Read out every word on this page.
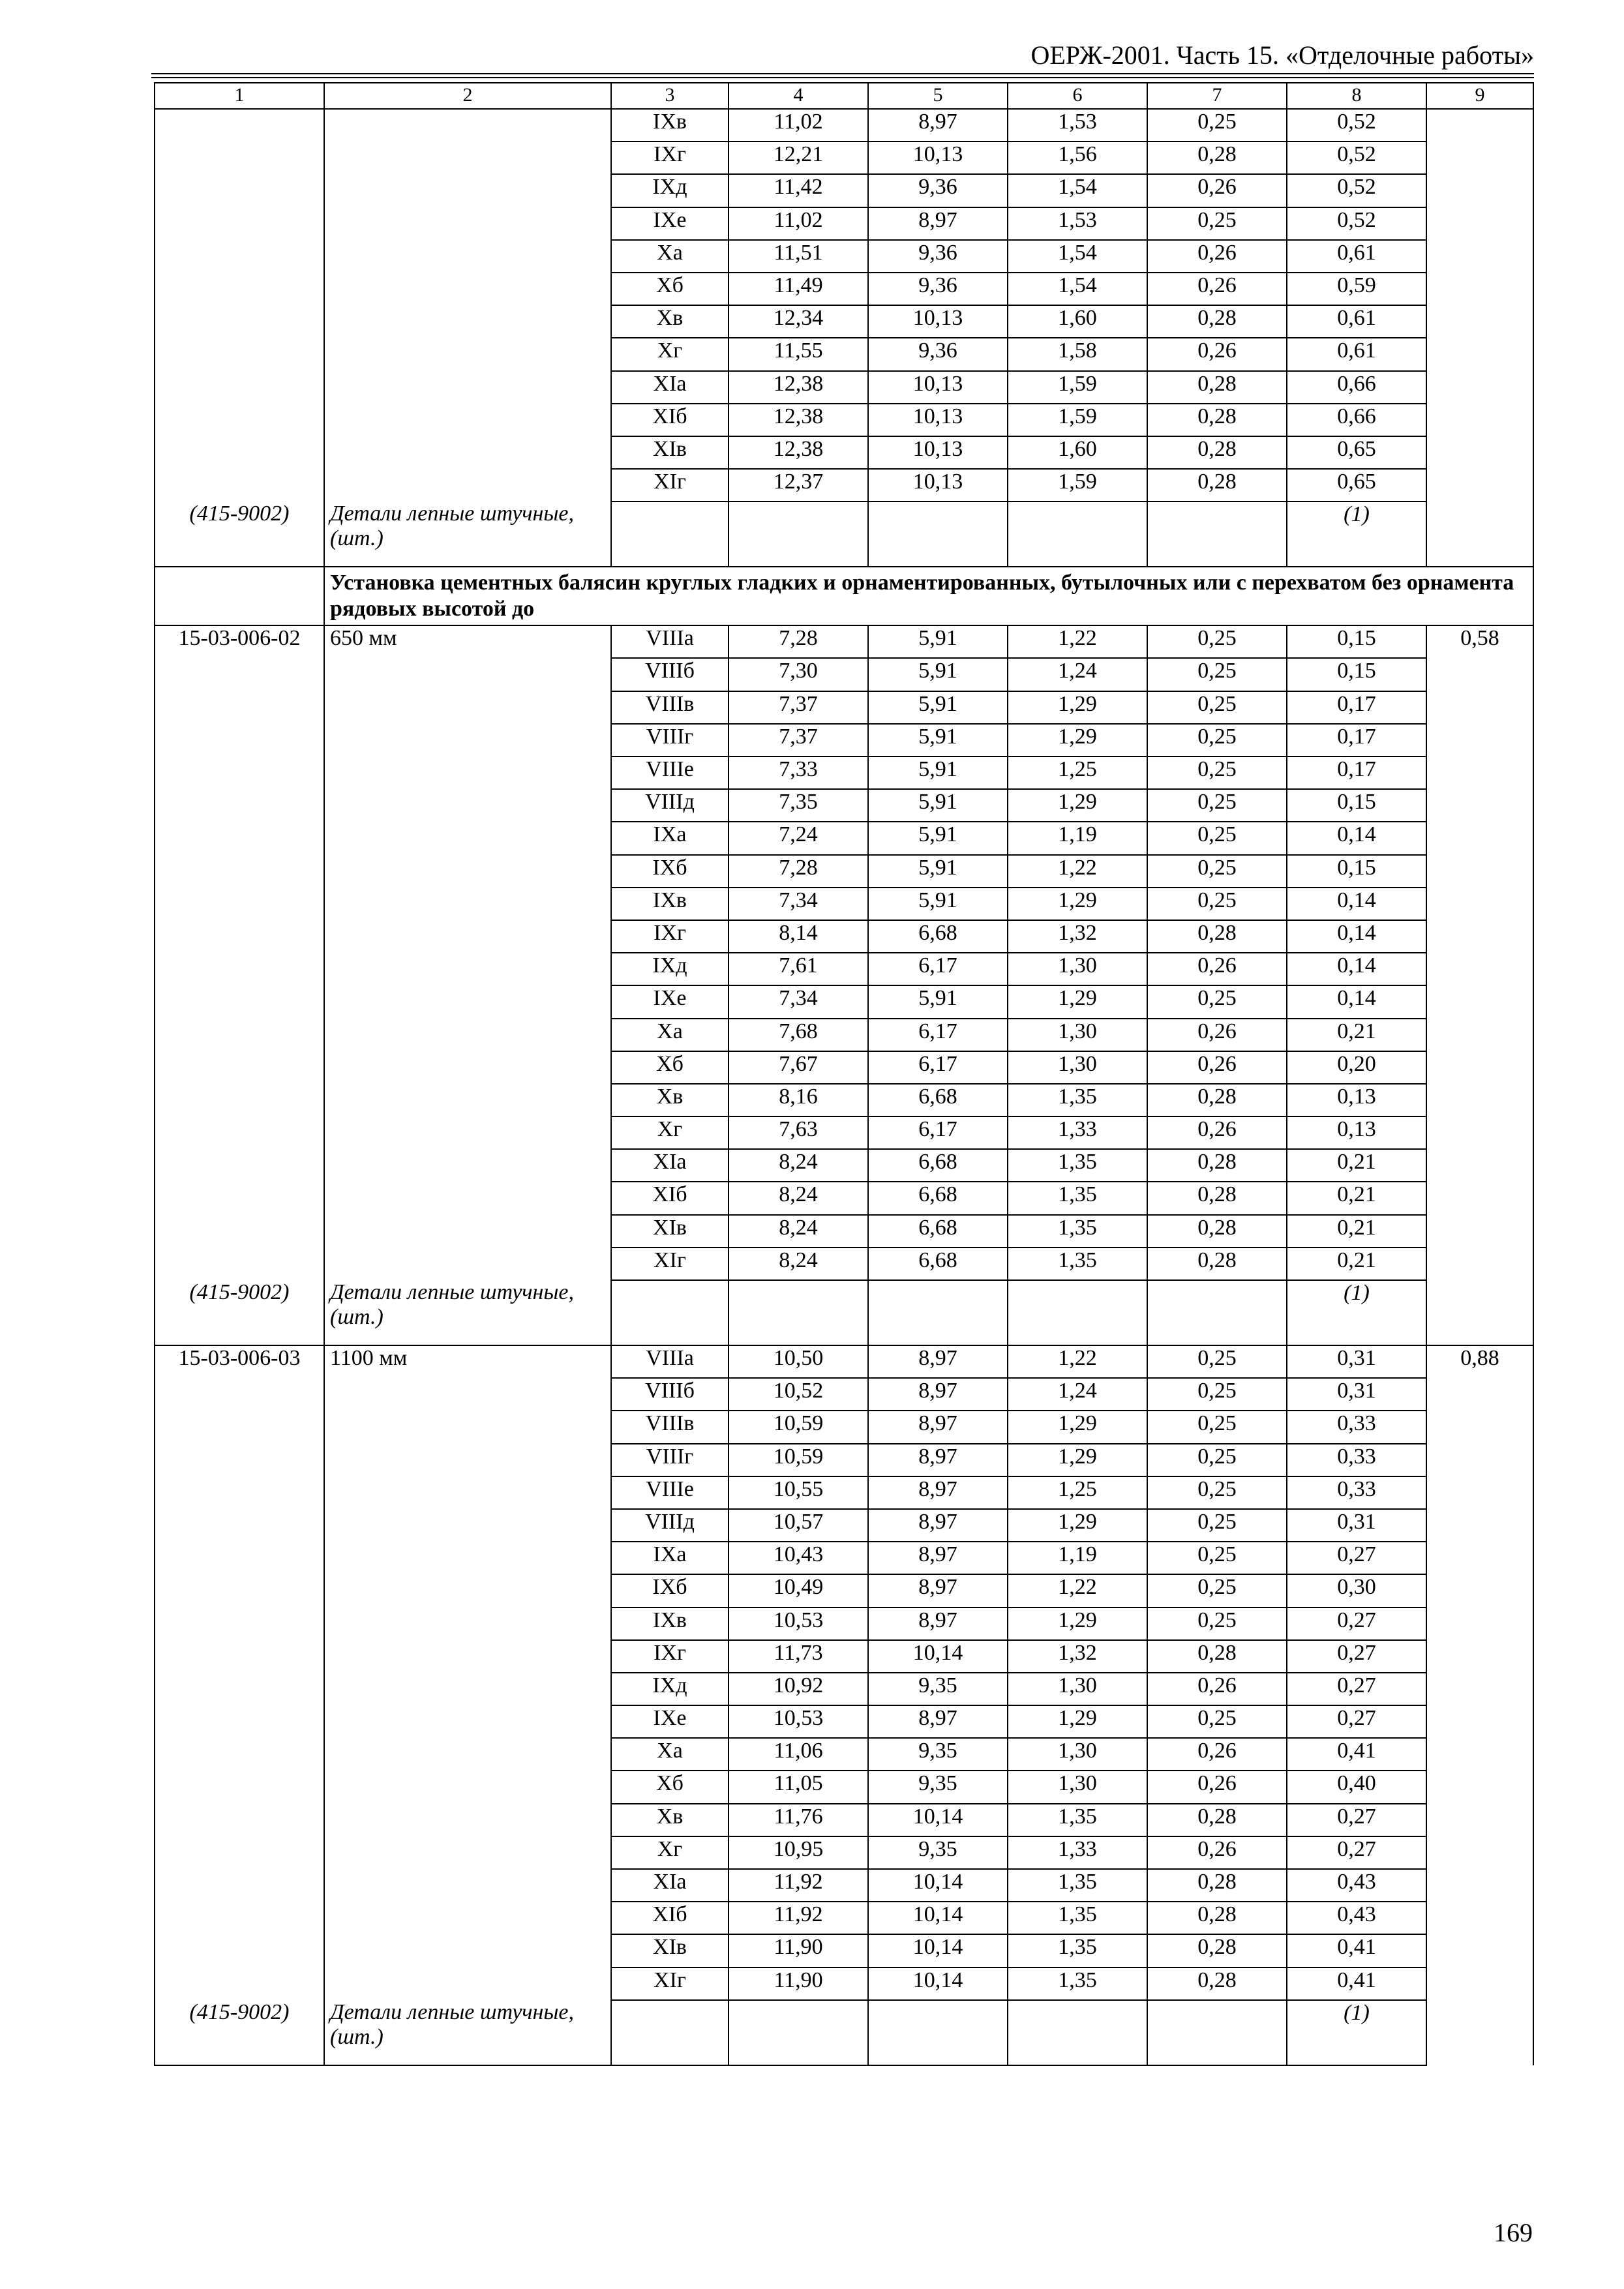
ОЕРЖ-2001. Часть 15. «Отделочные работы»
1	2	3	4	5	6	7	8	9
		IXв	11,02	8,97	1,53	0,25	0,52	
		IXг	12,21	10,13	1,56	0,28	0,52	
		IXд	11,42	9,36	1,54	0,26	0,52	
		IXе	11,02	8,97	1,53	0,25	0,52	
		Xа	11,51	9,36	1,54	0,26	0,61	
		Xб	11,49	9,36	1,54	0,26	0,59	
		Xв	12,34	10,13	1,60	0,28	0,61	
		Xг	11,55	9,36	1,58	0,26	0,61	
		XIа	12,38	10,13	1,59	0,28	0,66	
		XIб	12,38	10,13	1,59	0,28	0,66	
		XIв	12,38	10,13	1,60	0,28	0,65	
		XIг	12,37	10,13	1,59	0,28	0,65	
(415-9002)	Детали лепные штучные, (шт.)						(1)	
	Установка цементных балясин круглых гладких и орнаментированных, бутылочных или с перехватом без орнамента рядовых высотой до							
15-03-006-02	650 мм	VIIIа	7,28	5,91	1,22	0,25	0,15	0,58
		VIIIб	7,30	5,91	1,24	0,25	0,15	
		VIIIв	7,37	5,91	1,29	0,25	0,17	
		VIIIг	7,37	5,91	1,29	0,25	0,17	
		VIIIе	7,33	5,91	1,25	0,25	0,17	
		VIIIд	7,35	5,91	1,29	0,25	0,15	
		IXа	7,24	5,91	1,19	0,25	0,14	
		IXб	7,28	5,91	1,22	0,25	0,15	
		IXв	7,34	5,91	1,29	0,25	0,14	
		IXг	8,14	6,68	1,32	0,28	0,14	
		IXд	7,61	6,17	1,30	0,26	0,14	
		IXе	7,34	5,91	1,29	0,25	0,14	
		Xа	7,68	6,17	1,30	0,26	0,21	
		Xб	7,67	6,17	1,30	0,26	0,20	
		Xв	8,16	6,68	1,35	0,28	0,13	
		Xг	7,63	6,17	1,33	0,26	0,13	
		XIа	8,24	6,68	1,35	0,28	0,21	
		XIб	8,24	6,68	1,35	0,28	0,21	
		XIв	8,24	6,68	1,35	0,28	0,21	
		XIг	8,24	6,68	1,35	0,28	0,21	
(415-9002)	Детали лепные штучные, (шт.)						(1)	
15-03-006-03	1100 мм	VIIIа	10,50	8,97	1,22	0,25	0,31	0,88
		VIIIб	10,52	8,97	1,24	0,25	0,31	
		VIIIв	10,59	8,97	1,29	0,25	0,33	
		VIIIг	10,59	8,97	1,29	0,25	0,33	
		VIIIе	10,55	8,97	1,25	0,25	0,33	
		VIIIд	10,57	8,97	1,29	0,25	0,31	
		IXа	10,43	8,97	1,19	0,25	0,27	
		IXб	10,49	8,97	1,22	0,25	0,30	
		IXв	10,53	8,97	1,29	0,25	0,27	
		IXг	11,73	10,14	1,32	0,28	0,27	
		IXд	10,92	9,35	1,30	0,26	0,27	
		IXе	10,53	8,97	1,29	0,25	0,27	
		Xа	11,06	9,35	1,30	0,26	0,41	
		Xб	11,05	9,35	1,30	0,26	0,40	
		Xв	11,76	10,14	1,35	0,28	0,27	
		Xг	10,95	9,35	1,33	0,26	0,27	
		XIа	11,92	10,14	1,35	0,28	0,43	
		XIб	11,92	10,14	1,35	0,28	0,43	
		XIв	11,90	10,14	1,35	0,28	0,41	
		XIг	11,90	10,14	1,35	0,28	0,41	
(415-9002)	Детали лепные штучные, (шт.)						(1)	
169
